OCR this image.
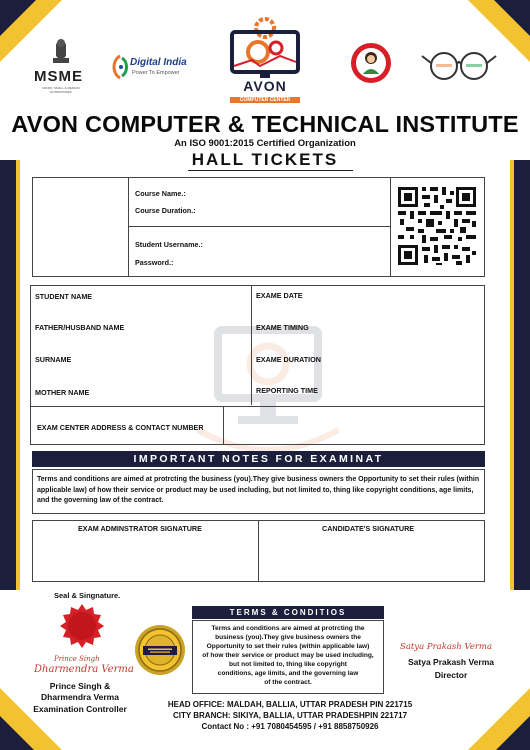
MSME
MICRO, SMALL & MEDIUM ENTERPRISES
Digital India
Power To Empower
AVON
COMPUTER CENTER
AVON COMPUTER & TECHNICAL INSTITUTE
An ISO 9001:2015 Certified Organization
HALL TICKETS
Course Name.:
Course Duration.:
Student Username.:
Password.:
STUDENT NAME
FATHER/HUSBAND NAME
SURNAME
MOTHER NAME
EXAME DATE
EXAME TIMING
EXAME DURATION
REPORTING TIME
EXAM CENTER ADDRESS & CONTACT NUMBER
IMPORTANT NOTES FOR EXAMINAT
Terms and conditions are aimed at protrcting the business (you).They give business owners the Opportunity to set their rules (within applicable law) of how their service or product may be used including, but not limited to, thing like copyright conditions, age limits, and the governing law of the contract.
EXAM ADMINSTRATOR SIGNATURE	CANDIDATE'S SIGNATURE
Seal & Singnature.
Prince Singh
Dharmendra Verma
Prince Singh &
Dharmendra Verma
Examination Controller
TERMS & CONDITIOS
Terms and conditions are aimed at protrcting the
business (you).They give business owners the
Opportunity to set their rules (within applicable law)
of how their service or product may be used including,
but not limited to, thing like copyright
conditions, age limits, and the governing law
of the contract.
Satya Prakash Verma
Satya Prakash Verma
Director
HEAD OFFICE: MALDAH, BALLIA, UTTAR PRADESH PIN 221715
CITY BRANCH: SIKIYA, BALLIA, UTTAR PRADESHPIN 221717
Contact No : +91 7080454595 / +91 8858750926
